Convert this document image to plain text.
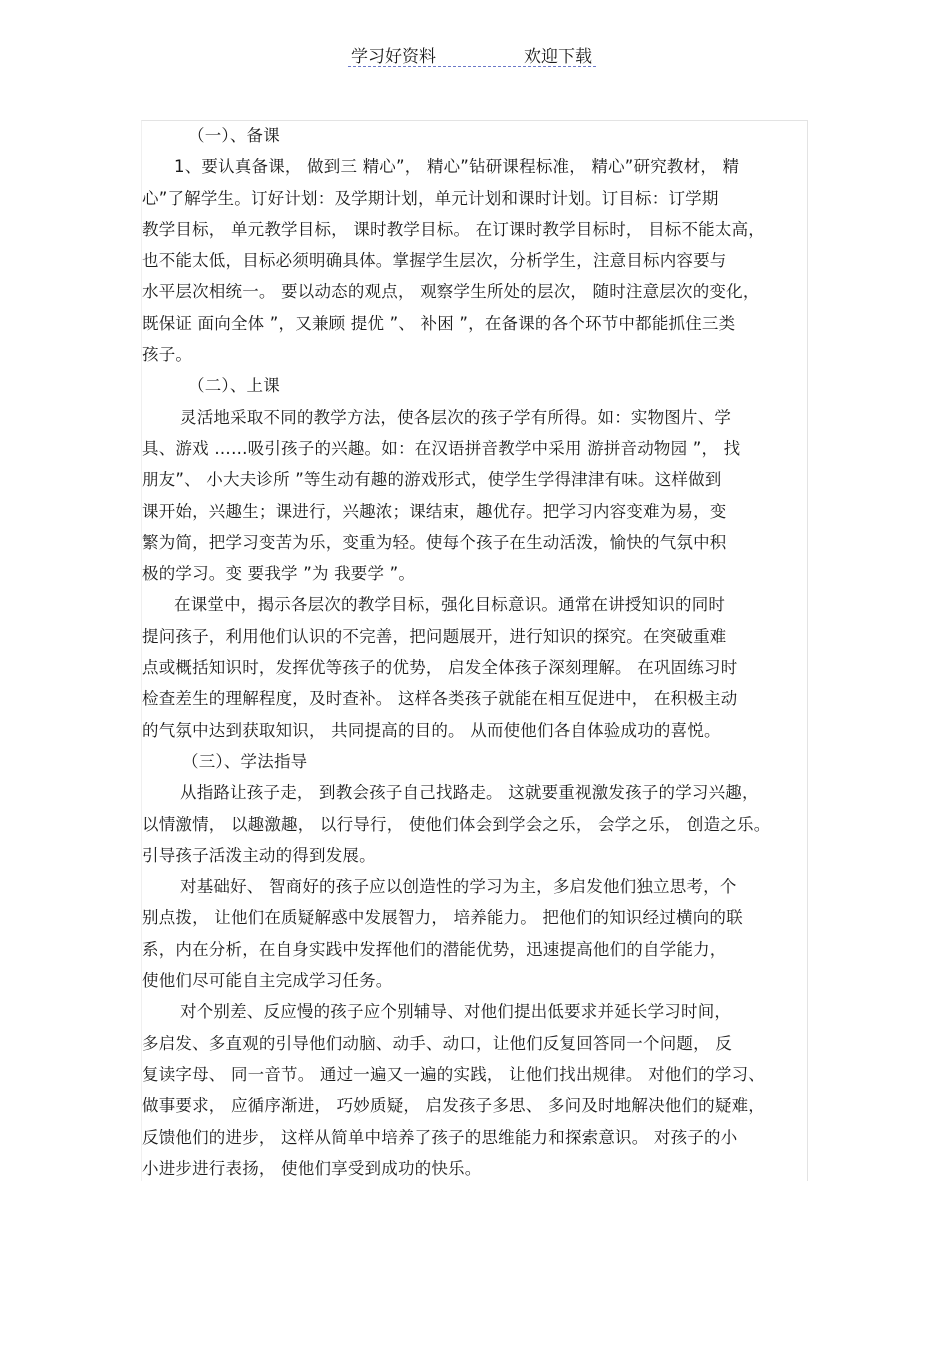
学习好资料	欢迎下载
（一）、备课
1、要认真备课， 做到三 精心”， 精心”钻研课程标准， 精心”研究教材， 精
心”了解学生。订好计划：及学期计划，单元计划和课时计划。订目标：订学期
教学目标， 单元教学目标， 课时教学目标。 在订课时教学目标时， 目标不能太高，
也不能太低，目标必须明确具体。掌握学生层次，分析学生，注意目标内容要与
水平层次相统一。 要以动态的观点， 观察学生所处的层次， 随时注意层次的变化，
既保证 面向全体 ”，又兼顾 提优 ”、 补困 ”，在备课的各个环节中都能抓住三类
孩子。
（二）、上课
灵活地采取不同的教学方法，使各层次的孩子学有所得。如：实物图片、学
具、游戏 ……吸引孩子的兴趣。如：在汉语拼音教学中采用 游拼音动物园 ”， 找
朋友”、 小大夫诊所 ”等生动有趣的游戏形式，使学生学得津津有味。这样做到
课开始，兴趣生；课进行，兴趣浓；课结束，趣优存。把学习内容变难为易，变
繁为简，把学习变苦为乐，变重为轻。使每个孩子在生动活泼，愉快的气氛中积
极的学习。变 要我学 ”为 我要学 ”。
在课堂中，揭示各层次的教学目标，强化目标意识。通常在讲授知识的同时
提问孩子，利用他们认识的不完善，把问题展开，进行知识的探究。在突破重难
点或概括知识时，发挥优等孩子的优势， 启发全体孩子深刻理解。 在巩固练习时
检查差生的理解程度，及时查补。 这样各类孩子就能在相互促进中， 在积极主动
的气氛中达到获取知识， 共同提高的目的。 从而使他们各自体验成功的喜悦。
（三）、学法指导
从指路让孩子走， 到教会孩子自己找路走。 这就要重视激发孩子的学习兴趣，
以情激情， 以趣激趣， 以行导行， 使他们体会到学会之乐， 会学之乐， 创造之乐。
引导孩子活泼主动的得到发展。
对基础好、 智商好的孩子应以创造性的学习为主，多启发他们独立思考，个
别点拨， 让他们在质疑解惑中发展智力， 培养能力。 把他们的知识经过横向的联
系，内在分析，在自身实践中发挥他们的潜能优势，迅速提高他们的自学能力，
使他们尽可能自主完成学习任务。
对个别差、反应慢的孩子应个别辅导、对他们提出低要求并延长学习时间，
多启发、多直观的引导他们动脑、动手、动口，让他们反复回答同一个问题， 反
复读字母、 同一音节。 通过一遍又一遍的实践， 让他们找出规律。 对他们的学习、
做事要求， 应循序渐进， 巧妙质疑， 启发孩子多思、 多问及时地解决他们的疑难，
反馈他们的进步， 这样从简单中培养了孩子的思维能力和探索意识。 对孩子的小
小进步进行表扬， 使他们享受到成功的快乐。
